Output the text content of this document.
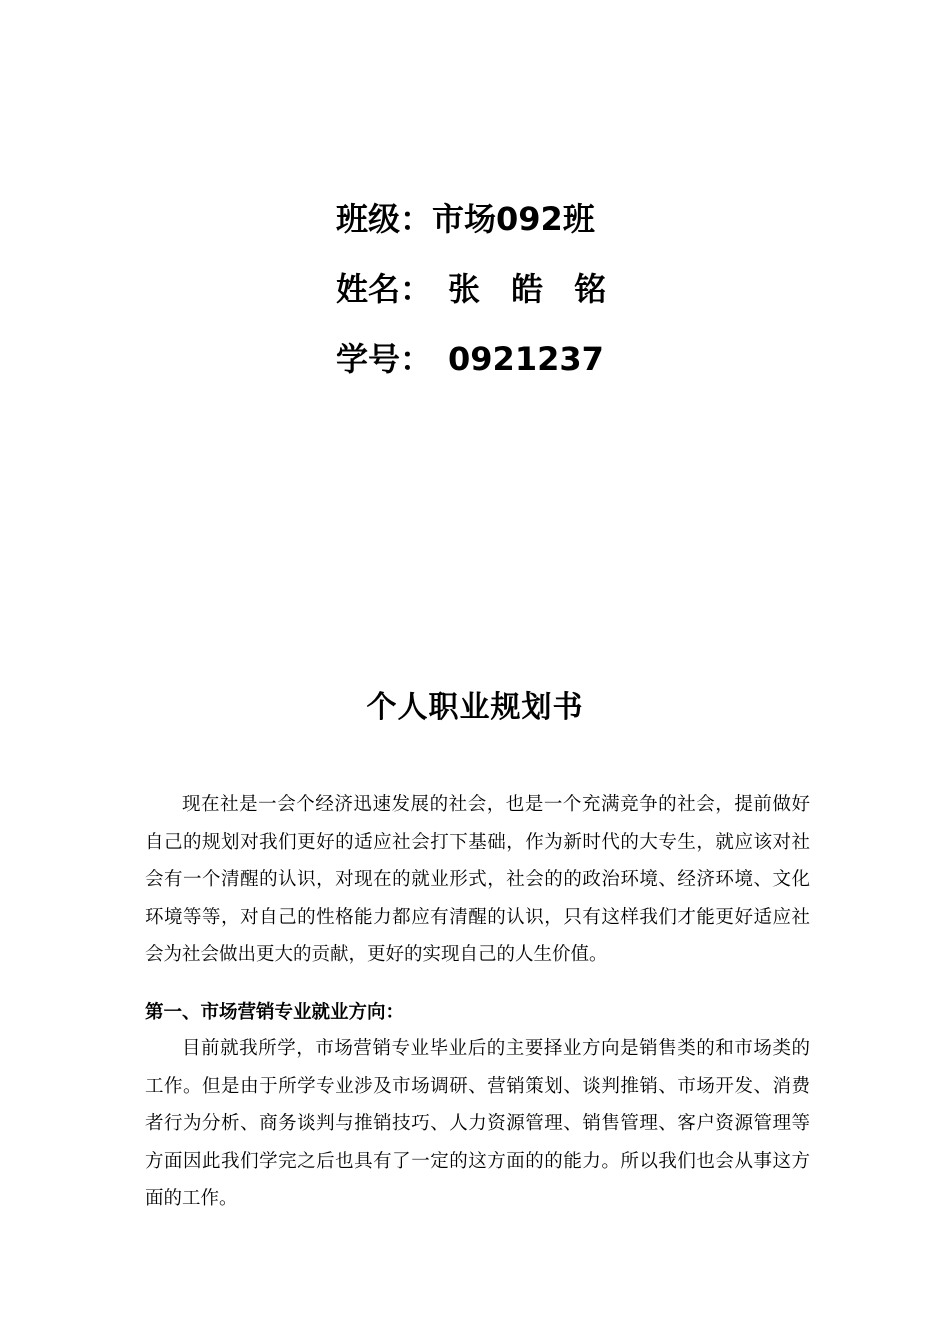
班级：市场092班
姓名： 张 皓 铭
学号： 0921237
个人职业规划书

现在社是一会个经济迅速发展的社会，也是一个充满竞争的社会，提前做好自己的规划对我们更好的适应社会打下基础，作为新时代的大专生，就应该对社会有一个清醒的认识，对现在的就业形式，社会的的政治环境、经济环境、文化环境等等，对自己的性格能力都应有清醒的认识，只有这样我们才能更好适应社会为社会做出更大的贡献，更好的实现自己的人生价值。

第一、市场营销专业就业方向：

目前就我所学，市场营销专业毕业后的主要择业方向是销售类的和市场类的工作。但是由于所学专业涉及市场调研、营销策划、谈判推销、市场开发、消费者行为分析、商务谈判与推销技巧、人力资源管理、销售管理、客户资源管理等方面因此我们学完之后也具有了一定的这方面的的能力。所以我们也会从事这方面的工作。
